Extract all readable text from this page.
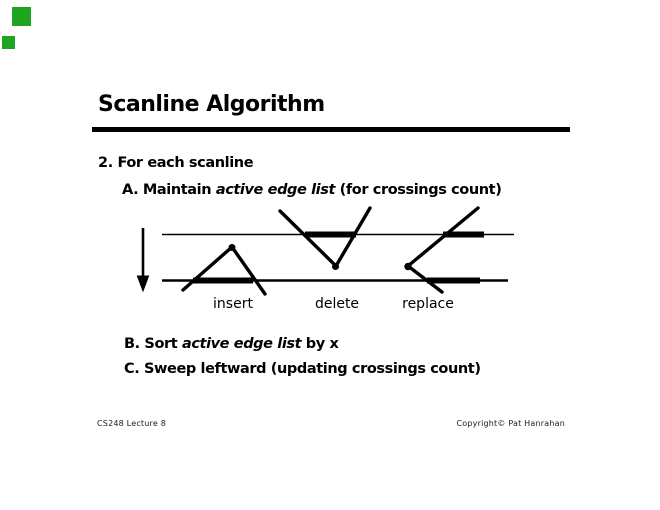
Scanline Algorithm
2. For each scanline
A. Maintain active edge list (for crossings count)
B. Sort active edge list by x
C. Sweep leftward (updating crossings count)
insert	delete	replace
CS248 Lecture 8	Copyright© Pat Hanrahan
